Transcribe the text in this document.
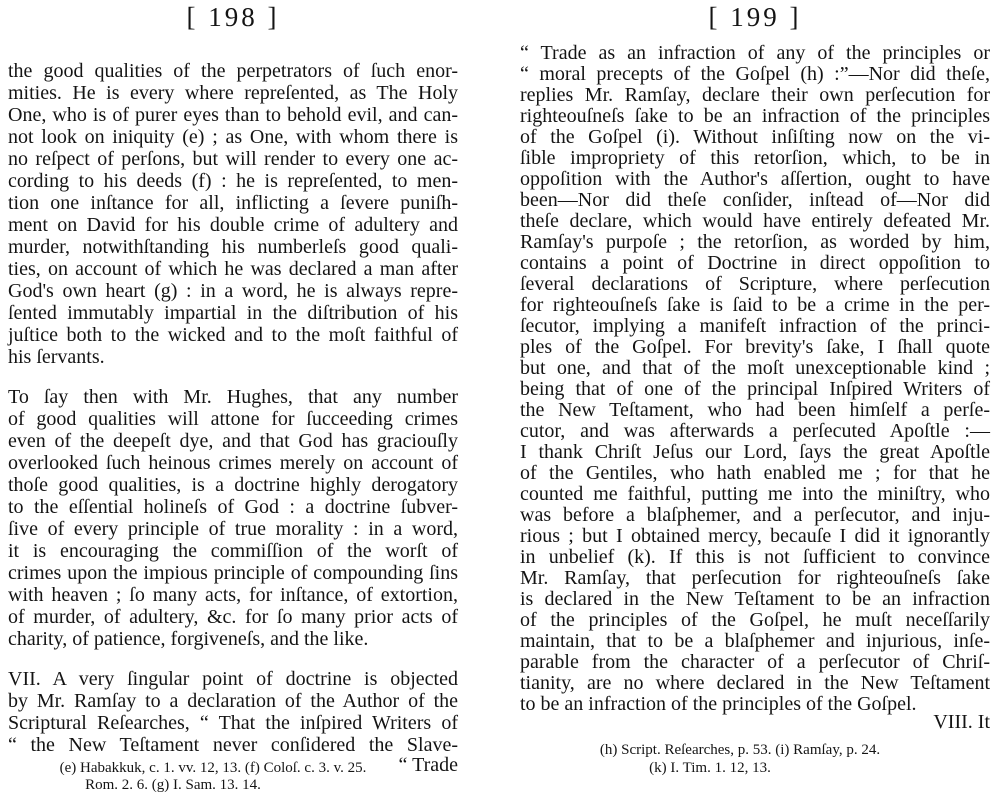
[ 198 ]
the good qualities of the perpetrators of ſuch enor-
mities. He is every where repreſented, as The Holy
One, who is of purer eyes than to behold evil, and can-
not look on iniquity (e) ; as One, with whom there is
no reſpect of perſons, but will render to every one ac-
cording to his deeds (f) : he is repreſented, to men-
tion one inſtance for all, inflicting a ſevere puniſh-
ment on David for his double crime of adultery and
murder, notwithſtanding his numberleſs good quali-
ties, on account of which he was declared a man after
God's own heart (g) : in a word, he is always repre-
ſented immutably impartial in the diſtribution of his
juſtice both to the wicked and to the moſt faithful of
his ſervants.
To ſay then with Mr. Hughes, that any number
of good qualities will attone for ſucceeding crimes
even of the deepeſt dye, and that God has graciouſly
overlooked ſuch heinous crimes merely on account of
thoſe good qualities, is a doctrine highly derogatory
to the eſſential holineſs of God : a doctrine ſubver-
ſive of every principle of true morality : in a word,
it is encouraging the commiſſion of the worſt of
crimes upon the impious principle of compounding ſins
with heaven ; ſo many acts, for inſtance, of extortion,
of murder, of adultery, &c. for ſo many prior acts of
charity, of patience, forgiveneſs, and the like.
VII. A very ſingular point of doctrine is objected
by Mr. Ramſay to a declaration of the Author of the
Scriptural Reſearches, “ That the inſpired Writers of
“ the New Teſtament never conſidered the Slave-
“ Trade
(e) Habakkuk, c. 1. vv. 12, 13. (f) Coloſ. c. 3. v. 25.
Rom. 2. 6. (g) I. Sam. 13. 14.
[ 199 ]
“ Trade as an infraction of any of the principles or
“ moral precepts of the Goſpel (h) :”—Nor did theſe,
replies Mr. Ramſay, declare their own perſecution for
righteouſneſs ſake to be an infraction of the principles
of the Goſpel (i). Without inſiſting now on the vi-
ſible impropriety of this retorſion, which, to be in
oppoſition with the Author's aſſertion, ought to have
been—Nor did theſe conſider, inſtead of—Nor did
theſe declare, which would have entirely defeated Mr.
Ramſay's purpoſe ; the retorſion, as worded by him,
contains a point of Doctrine in direct oppoſition to
ſeveral declarations of Scripture, where perſecution
for righteouſneſs ſake is ſaid to be a crime in the per-
ſecutor, implying a manifeſt infraction of the princi-
ples of the Goſpel. For brevity's ſake, I ſhall quote
but one, and that of the moſt unexceptionable kind ;
being that of one of the principal Inſpired Writers of
the New Teſtament, who had been himſelf a perſe-
cutor, and was afterwards a perſecuted Apoſtle :—
I thank Chriſt Jeſus our Lord, ſays the great Apoſtle
of the Gentiles, who hath enabled me ; for that he
counted me faithful, putting me into the miniſtry, who
was before a blaſphemer, and a perſecutor, and inju-
rious ; but I obtained mercy, becauſe I did it ignorantly
in unbelief (k). If this is not ſufficient to convince
Mr. Ramſay, that perſecution for righteouſneſs ſake
is declared in the New Teſtament to be an infraction
of the principles of the Goſpel, he muſt neceſſarily
maintain, that to be a blaſphemer and injurious, inſe-
parable from the character of a perſecutor of Chriſ-
tianity, are no where declared in the New Teſtament
to be an infraction of the principles of the Goſpel.
VIII. It
(h) Script. Reſearches, p. 53. (i) Ramſay, p. 24.
(k) I. Tim. 1. 12, 13.
